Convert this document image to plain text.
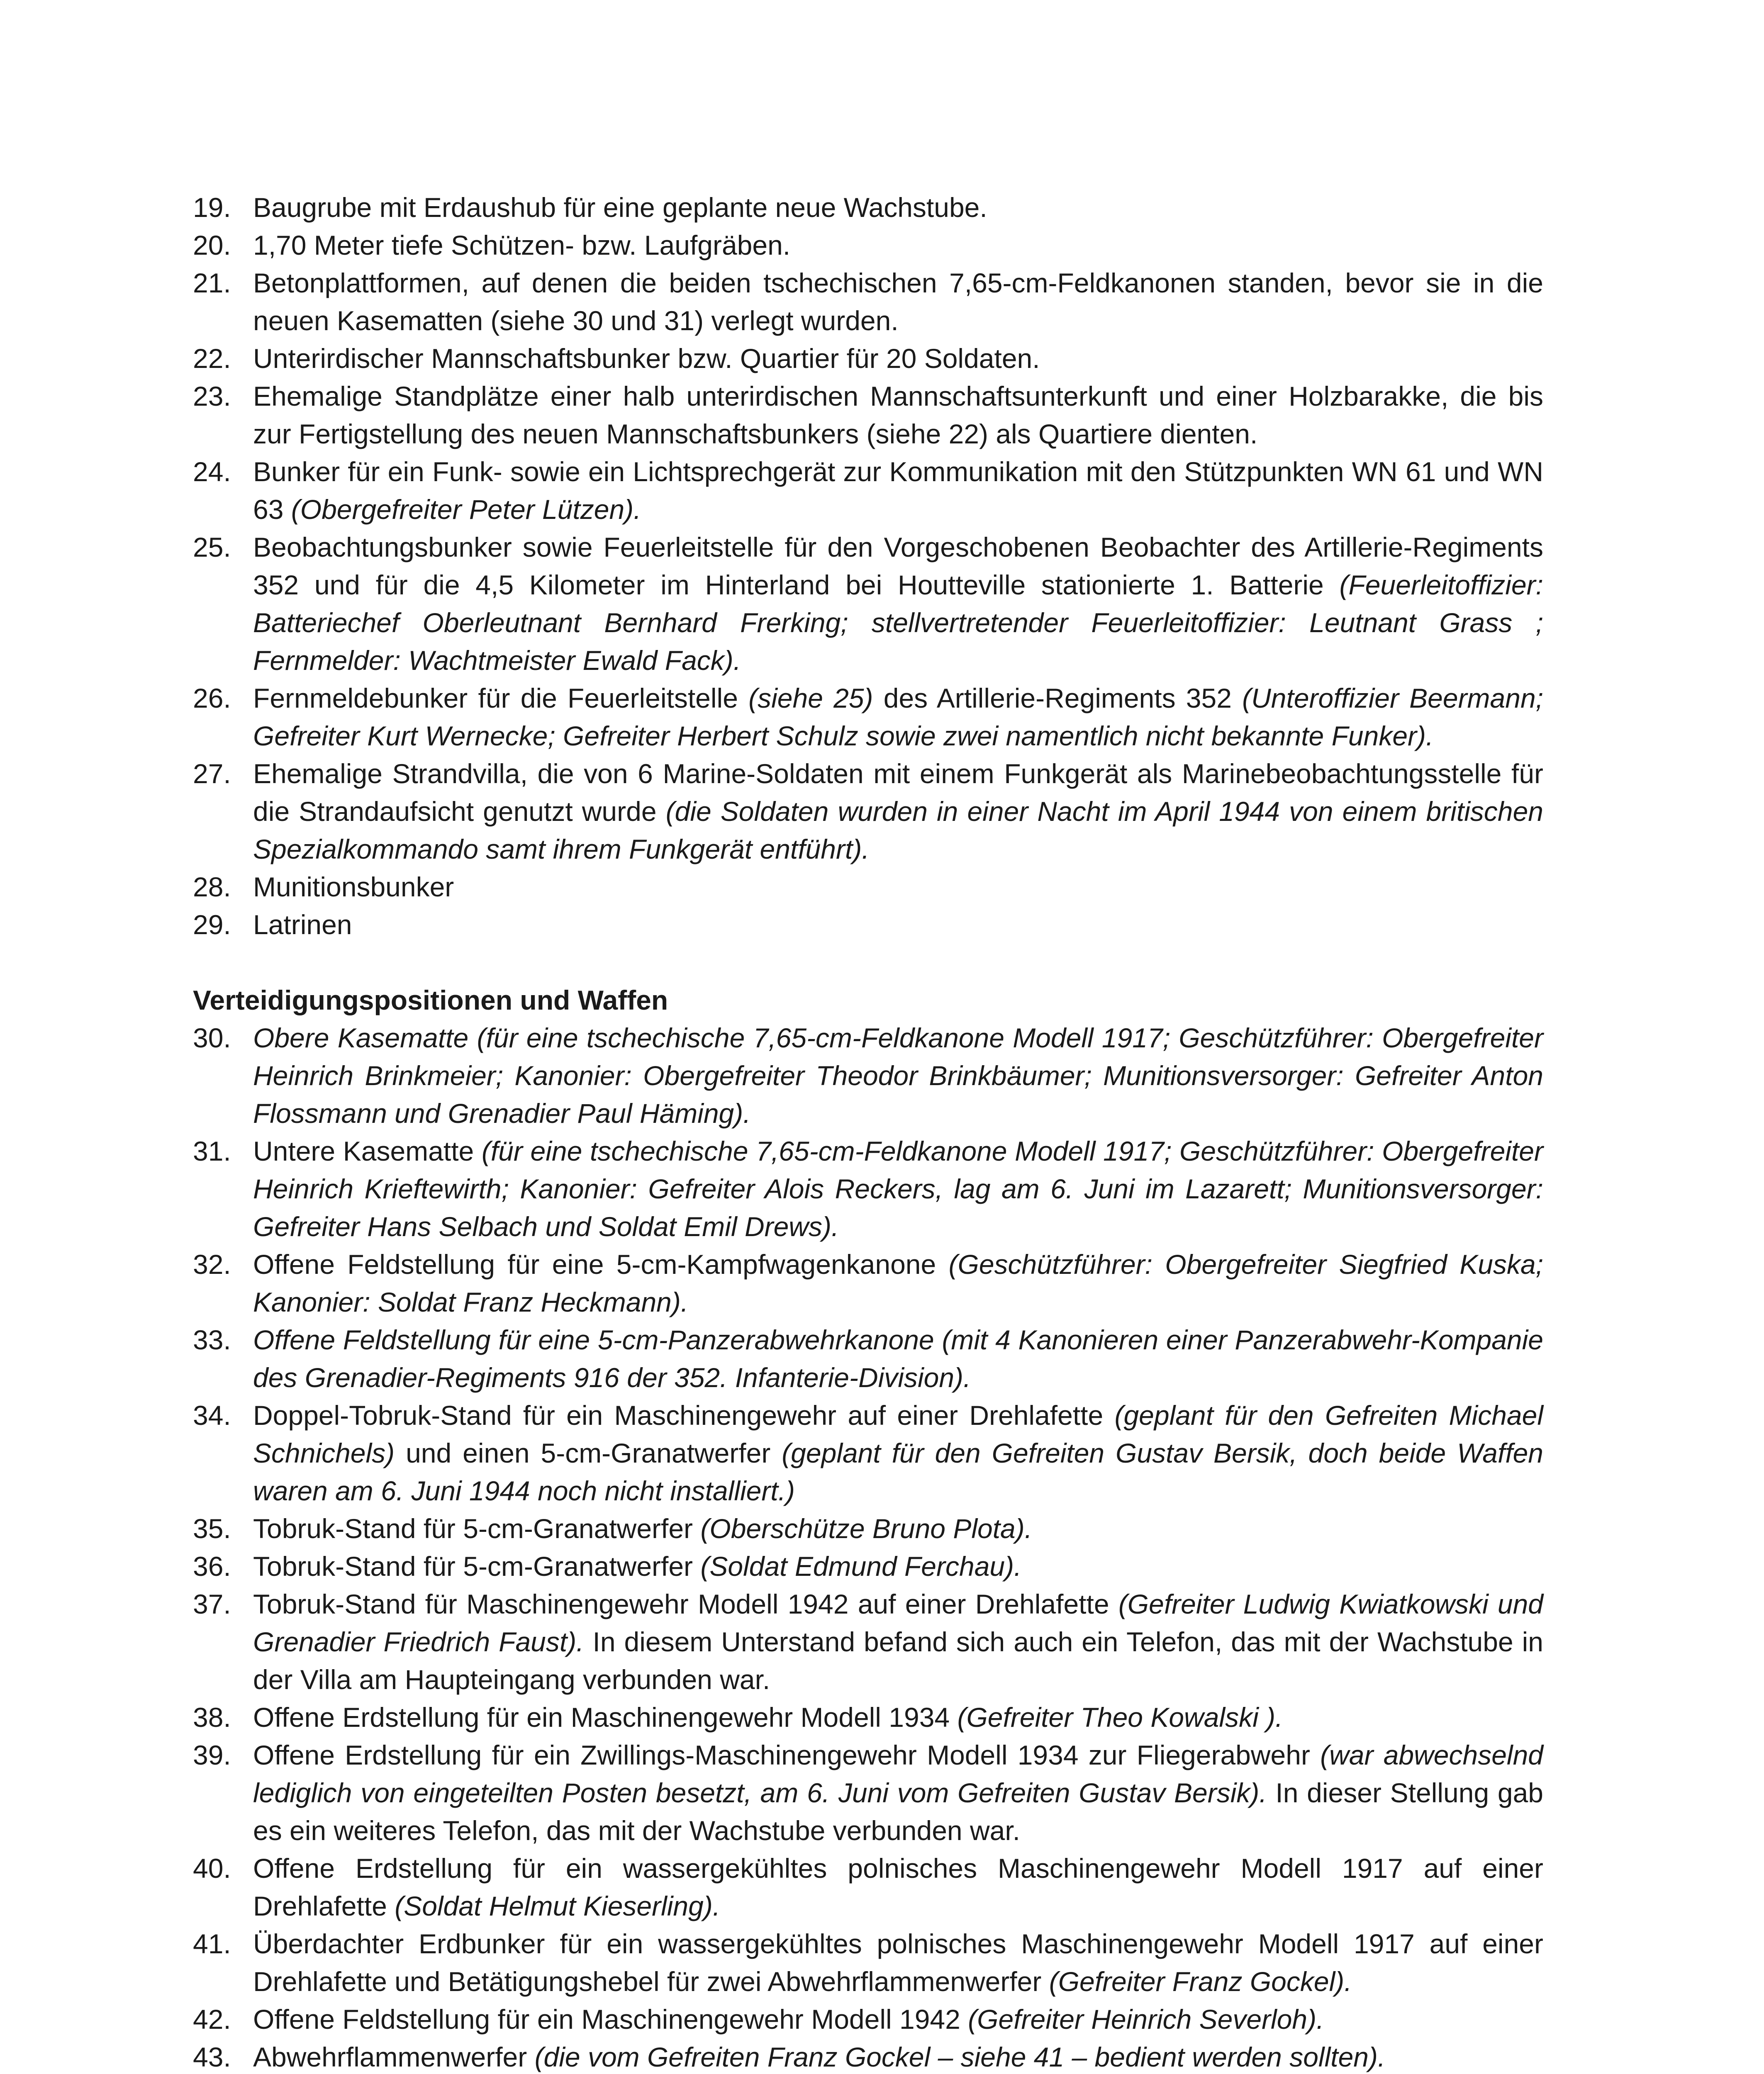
19. Baugrube mit Erdaushub für eine geplante neue Wachstube.
20. 1,70 Meter tiefe Schützen- bzw. Laufgräben.
21. Betonplattformen, auf denen die beiden tschechischen 7,65-cm-Feldkanonen standen, bevor sie in die neuen Kasematten (siehe 30 und 31) verlegt wurden.
22. Unterirdischer Mannschaftsbunker bzw. Quartier für 20 Soldaten.
23. Ehemalige Standplätze einer halb unterirdischen Mannschaftsunterkunft und einer Holzbarakke, die bis zur Fertigstellung des neuen Mannschaftsbunkers (siehe 22) als Quartiere dienten.
24. Bunker für ein Funk- sowie ein Lichtsprechgerät zur Kommunikation mit den Stützpunkten WN 61 und WN 63 (Obergefreiter Peter Lützen).
25. Beobachtungsbunker sowie Feuerleitstelle für den Vorgeschobenen Beobachter des Artillerie-Regiments 352 und für die 4,5 Kilometer im Hinterland bei Houtteville stationierte 1. Batterie (Feuerleitoffizier: Batteriechef Oberleutnant Bernhard Frerking; stellvertretender Feuerleitoffizier: Leutnant Grass ; Fernmelder: Wachtmeister Ewald Fack).
26. Fernmeldebunker für die Feuerleitstelle (siehe 25) des Artillerie-Regiments 352 (Unteroffizier Beermann; Gefreiter Kurt Wernecke; Gefreiter Herbert Schulz sowie zwei namentlich nicht bekannte Funker).
27. Ehemalige Strandvilla, die von 6 Marine-Soldaten mit einem Funkgerät als Marinebeobachtungsstelle für die Strandaufsicht genutzt wurde (die Soldaten wurden in einer Nacht im April 1944 von einem britischen Spezialkommando samt ihrem Funkgerät entführt).
28. Munitionsbunker
29. Latrinen
Verteidigungspositionen und Waffen
30. Obere Kasematte (für eine tschechische 7,65-cm-Feldkanone Modell 1917; Geschützführer: Obergefreiter Heinrich Brinkmeier; Kanonier: Obergefreiter Theodor Brinkbäumer; Munitionsversorger: Gefreiter Anton Flossmann und Grenadier Paul Häming).
31. Untere Kasematte (für eine tschechische 7,65-cm-Feldkanone Modell 1917; Geschützführer: Obergefreiter Heinrich Krieftewirth; Kanonier: Gefreiter Alois Reckers, lag am 6. Juni im Lazarett; Munitionsversorger: Gefreiter Hans Selbach und Soldat Emil Drews).
32. Offene Feldstellung für eine 5-cm-Kampfwagenkanone (Geschützführer: Obergefreiter Siegfried Kuska; Kanonier: Soldat Franz Heckmann).
33. Offene Feldstellung für eine 5-cm-Panzerabwehrkanone (mit 4 Kanonieren einer Panzerabwehr-Kompanie des Grenadier-Regiments 916 der 352. Infanterie-Division).
34. Doppel-Tobruk-Stand für ein Maschinengewehr auf einer Drehlafette (geplant für den Gefreiten Michael Schnichels) und einen 5-cm-Granatwerfer (geplant für den Gefreiten Gustav Bersik, doch beide Waffen waren am 6. Juni 1944 noch nicht installiert.)
35. Tobruk-Stand für 5-cm-Granatwerfer (Oberschütze Bruno Plota).
36. Tobruk-Stand für 5-cm-Granatwerfer (Soldat Edmund Ferchau).
37. Tobruk-Stand für Maschinengewehr Modell 1942 auf einer Drehlafette (Gefreiter Ludwig Kwiatkowski und Grenadier Friedrich Faust). In diesem Unterstand befand sich auch ein Telefon, das mit der Wachstube in der Villa am Haupteingang verbunden war.
38. Offene Erdstellung für ein Maschinengewehr Modell 1934 (Gefreiter Theo Kowalski ).
39. Offene Erdstellung für ein Zwillings-Maschinengewehr Modell 1934 zur Fliegerabwehr (war abwechselnd lediglich von eingeteilten Posten besetzt, am 6. Juni vom Gefreiten Gustav Bersik). In dieser Stellung gab es ein weiteres Telefon, das mit der Wachstube verbunden war.
40. Offene Erdstellung für ein wassergekühltes polnisches Maschinengewehr Modell 1917 auf einer Drehlafette (Soldat Helmut Kieserling).
41. Überdachter Erdbunker für ein wassergekühltes polnisches Maschinengewehr Modell 1917 auf einer Drehlafette und Betätigungshebel für zwei Abwehrflammenwerfer (Gefreiter Franz Gockel).
42. Offene Feldstellung für ein Maschinengewehr Modell 1942 (Gefreiter Heinrich Severloh).
43. Abwehrflammenwerfer (die vom Gefreiten Franz Gockel – siehe 41 – bedient werden sollten).
